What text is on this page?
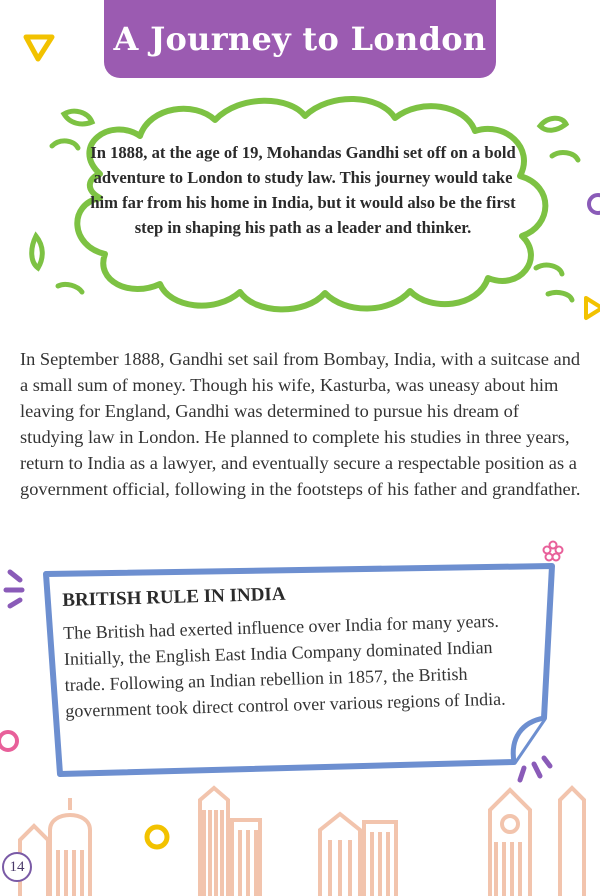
A Journey to London
In 1888, at the age of 19, Mohandas Gandhi set off on a bold adventure to London to study law. This journey would take him far from his home in India, but it would also be the first step in shaping his path as a leader and thinker.
In September 1888, Gandhi set sail from Bombay, India, with a suitcase and a small sum of money. Though his wife, Kasturba, was uneasy about him leaving for England, Gandhi was determined to pursue his dream of studying law in London. He planned to complete his studies in three years, return to India as a lawyer, and eventually secure a respectable position as a government official, following in the footsteps of his father and grandfather.

BRITISH RULE IN INDIA

The British had exerted influence over India for many years. Initially, the English East India Company dominated Indian trade. Following an Indian rebellion in 1857, the British government took direct control over various regions of India.

14
